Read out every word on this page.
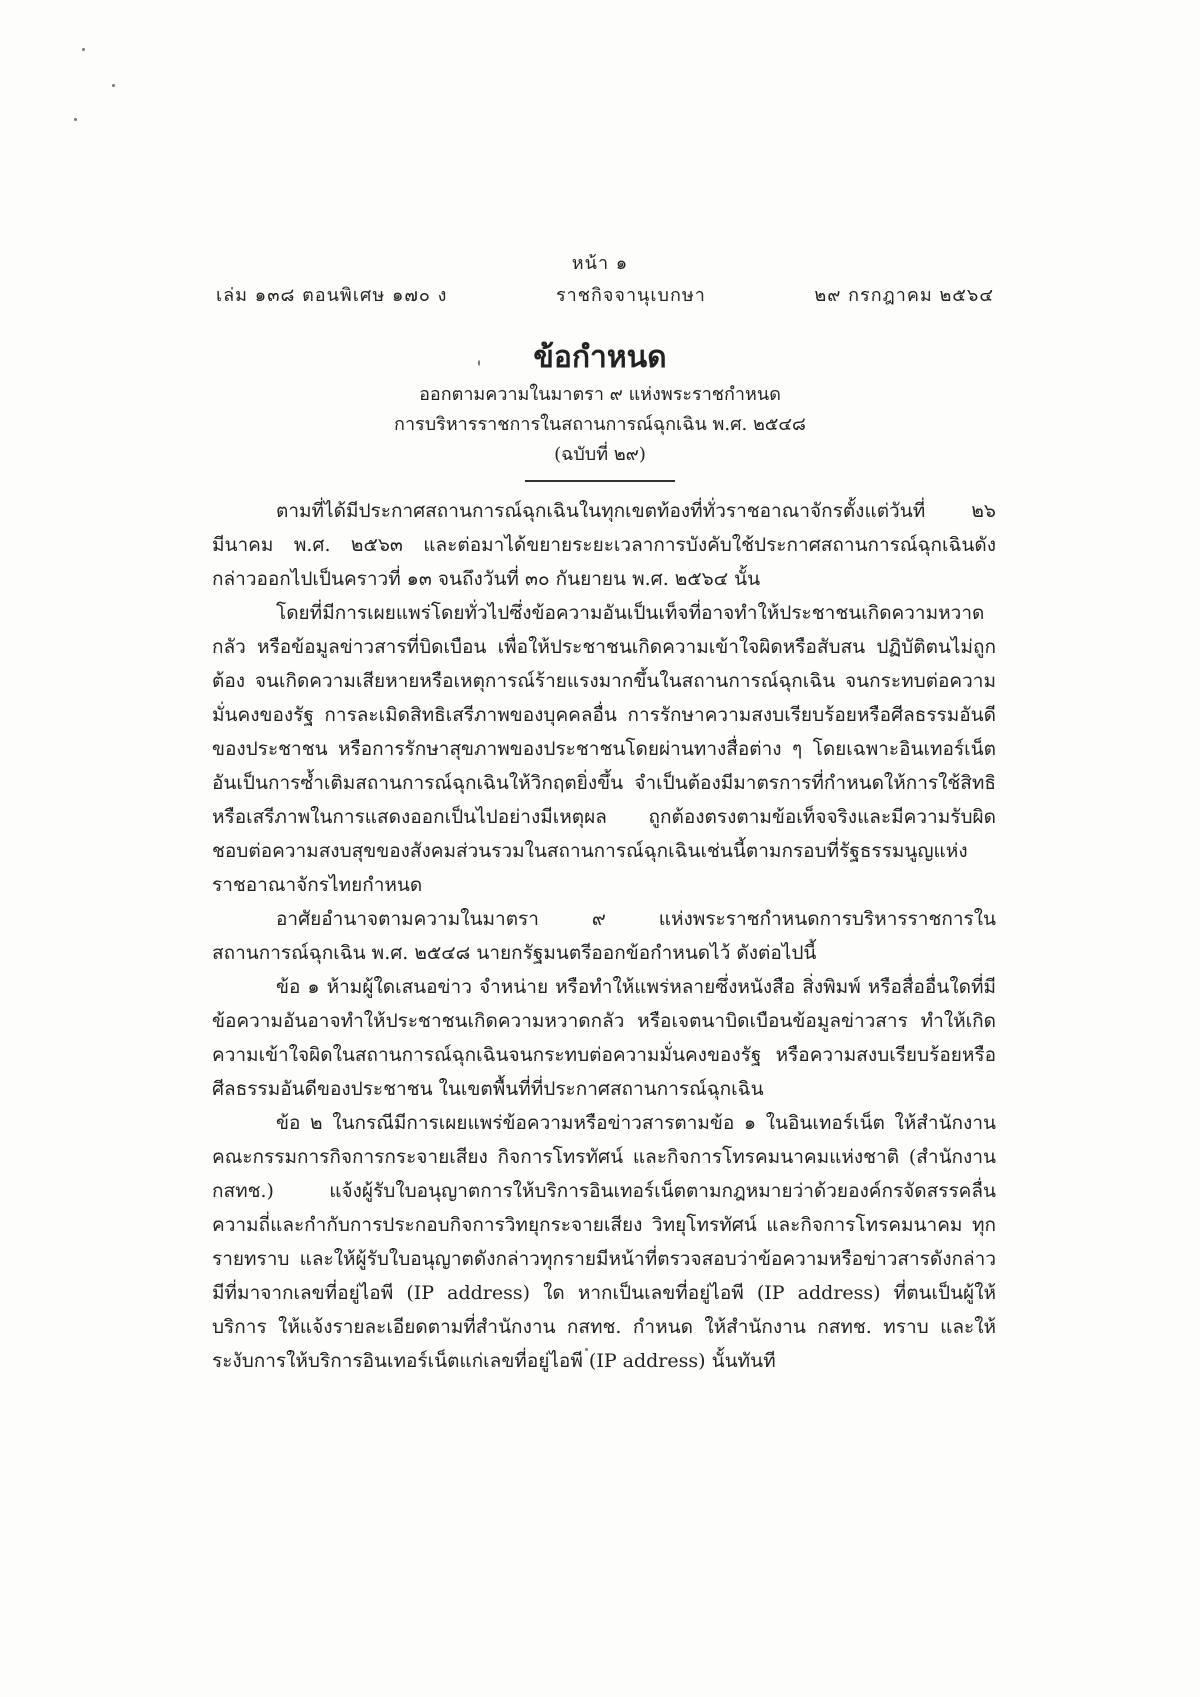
หน้า ๑
เล่ม ๑๓๘ ตอนพิเศษ ๑๗๐ ง	ราชกิจจานุเบกษา	๒๙ กรกฎาคม ๒๕๖๔
ข้อกำหนด
ออกตามความในมาตรา ๙ แห่งพระราชกำหนด
การบริหารราชการในสถานการณ์ฉุกเฉิน พ.ศ. ๒๕๔๘
(ฉบับที่ ๒๙)

ตามที่ได้มีประกาศสถานการณ์ฉุกเฉินในทุกเขตท้องที่ทั่วราชอาณาจักรตั้งแต่วันที่ ๒๖ มีนาคม พ.ศ. ๒๕๖๓ และต่อมาได้ขยายระยะเวลาการบังคับใช้ประกาศสถานการณ์ฉุกเฉินดังกล่าวออกไปเป็นคราวที่ ๑๓ จนถึงวันที่ ๓๐ กันยายน พ.ศ. ๒๕๖๔ นั้น

โดยที่มีการเผยแพร่โดยทั่วไปซึ่งข้อความอันเป็นเท็จที่อาจทำให้ประชาชนเกิดความหวาดกลัว หรือข้อมูลข่าวสารที่บิดเบือน เพื่อให้ประชาชนเกิดความเข้าใจผิดหรือสับสน ปฏิบัติตนไม่ถูกต้อง จนเกิดความเสียหายหรือเหตุการณ์ร้ายแรงมากขึ้นในสถานการณ์ฉุกเฉิน จนกระทบต่อความมั่นคงของรัฐ การละเมิดสิทธิเสรีภาพของบุคคลอื่น การรักษาความสงบเรียบร้อยหรือศีลธรรมอันดีของประชาชน หรือการรักษาสุขภาพของประชาชนโดยผ่านทางสื่อต่าง ๆ โดยเฉพาะอินเทอร์เน็ต อันเป็นการซ้ำเติมสถานการณ์ฉุกเฉินให้วิกฤตยิ่งขึ้น จำเป็นต้องมีมาตรการที่กำหนดให้การใช้สิทธิหรือเสรีภาพในการแสดงออกเป็นไปอย่างมีเหตุผล ถูกต้องตรงตามข้อเท็จจริงและมีความรับผิดชอบต่อความสงบสุขของสังคมส่วนรวมในสถานการณ์ฉุกเฉินเช่นนี้ตามกรอบที่รัฐธรรมนูญแห่งราชอาณาจักรไทยกำหนด

อาศัยอำนาจตามความในมาตรา ๙ แห่งพระราชกำหนดการบริหารราชการในสถานการณ์ฉุกเฉิน พ.ศ. ๒๕๔๘ นายกรัฐมนตรีออกข้อกำหนดไว้ ดังต่อไปนี้

ข้อ ๑ ห้ามผู้ใดเสนอข่าว จำหน่าย หรือทำให้แพร่หลายซึ่งหนังสือ สิ่งพิมพ์ หรือสื่ออื่นใดที่มีข้อความอันอาจทำให้ประชาชนเกิดความหวาดกลัว หรือเจตนาบิดเบือนข้อมูลข่าวสาร ทำให้เกิดความเข้าใจผิดในสถานการณ์ฉุกเฉินจนกระทบต่อความมั่นคงของรัฐ หรือความสงบเรียบร้อยหรือศีลธรรมอันดีของประชาชน ในเขตพื้นที่ที่ประกาศสถานการณ์ฉุกเฉิน

ข้อ ๒ ในกรณีมีการเผยแพร่ข้อความหรือข่าวสารตามข้อ ๑ ในอินเทอร์เน็ต ให้สำนักงานคณะกรรมการกิจการกระจายเสียง กิจการโทรทัศน์ และกิจการโทรคมนาคมแห่งชาติ (สำนักงาน กสทช.) แจ้งผู้รับใบอนุญาตการให้บริการอินเทอร์เน็ตตามกฎหมายว่าด้วยองค์กรจัดสรรคลื่นความถี่และกำกับการประกอบกิจการวิทยุกระจายเสียง วิทยุโทรทัศน์ และกิจการโทรคมนาคม ทุกรายทราบ และให้ผู้รับใบอนุญาตดังกล่าวทุกรายมีหน้าที่ตรวจสอบว่าข้อความหรือข่าวสารดังกล่าวมีที่มาจากเลขที่อยู่ไอพี (IP address) ใด หากเป็นเลขที่อยู่ไอพี (IP address) ที่ตนเป็นผู้ให้บริการ ให้แจ้งรายละเอียดตามที่สำนักงาน กสทช. กำหนด ให้สำนักงาน กสทช. ทราบ และให้ระงับการให้บริการอินเทอร์เน็ตแก่เลขที่อยู่ไอพี (IP address) นั้นทันที
